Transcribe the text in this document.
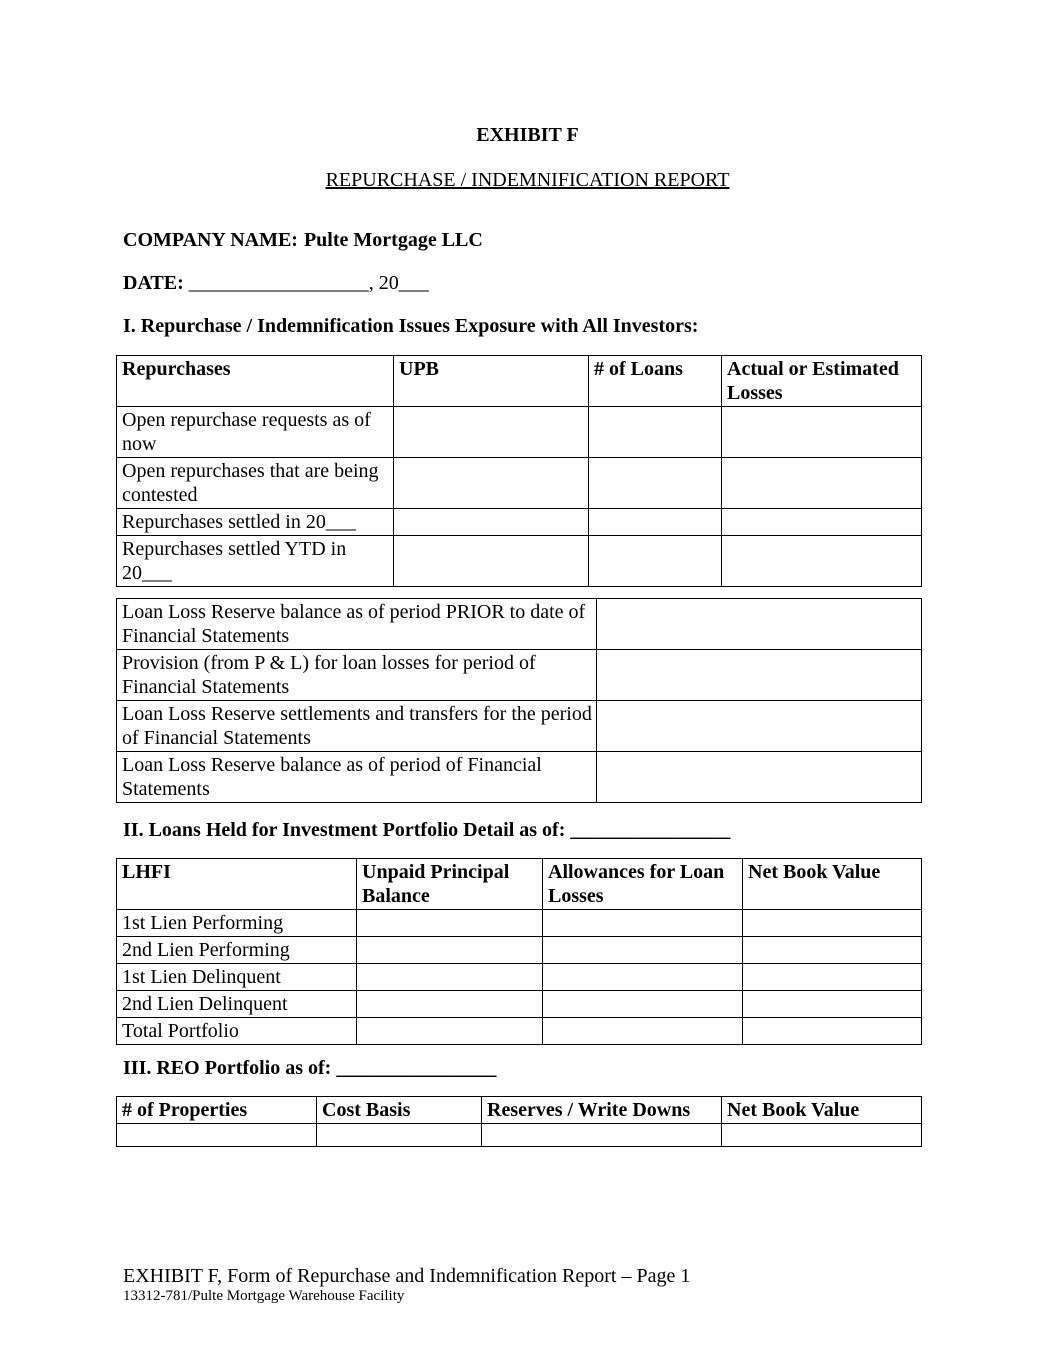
EXHIBIT F
REPURCHASE / INDEMNIFICATION REPORT
COMPANY NAME: Pulte Mortgage LLC
DATE: __________________, 20___
I. Repurchase / Indemnification Issues Exposure with All Investors:
Repurchases	UPB	# of Loans	Actual or Estimated Losses
Open repurchase requests as of now			
Open repurchases that are being contested			
Repurchases settled in 20___			
Repurchases settled YTD in 20___			
Loan Loss Reserve balance as of period PRIOR to date of Financial Statements	
Provision (from P & L) for loan losses for period of Financial Statements	
Loan Loss Reserve settlements and transfers for the period of Financial Statements	
Loan Loss Reserve balance as of period of Financial Statements	
II. Loans Held for Investment Portfolio Detail as of: ________________
LHFI	Unpaid Principal Balance	Allowances for Loan Losses	Net Book Value
1st Lien Performing			
2nd Lien Performing			
1st Lien Delinquent			
2nd Lien Delinquent			
Total Portfolio			
III. REO Portfolio as of: ________________
# of Properties	Cost Basis	Reserves / Write Downs	Net Book Value

EXHIBIT F, Form of Repurchase and Indemnification Report – Page 1
13312-781/Pulte Mortgage Warehouse Facility
